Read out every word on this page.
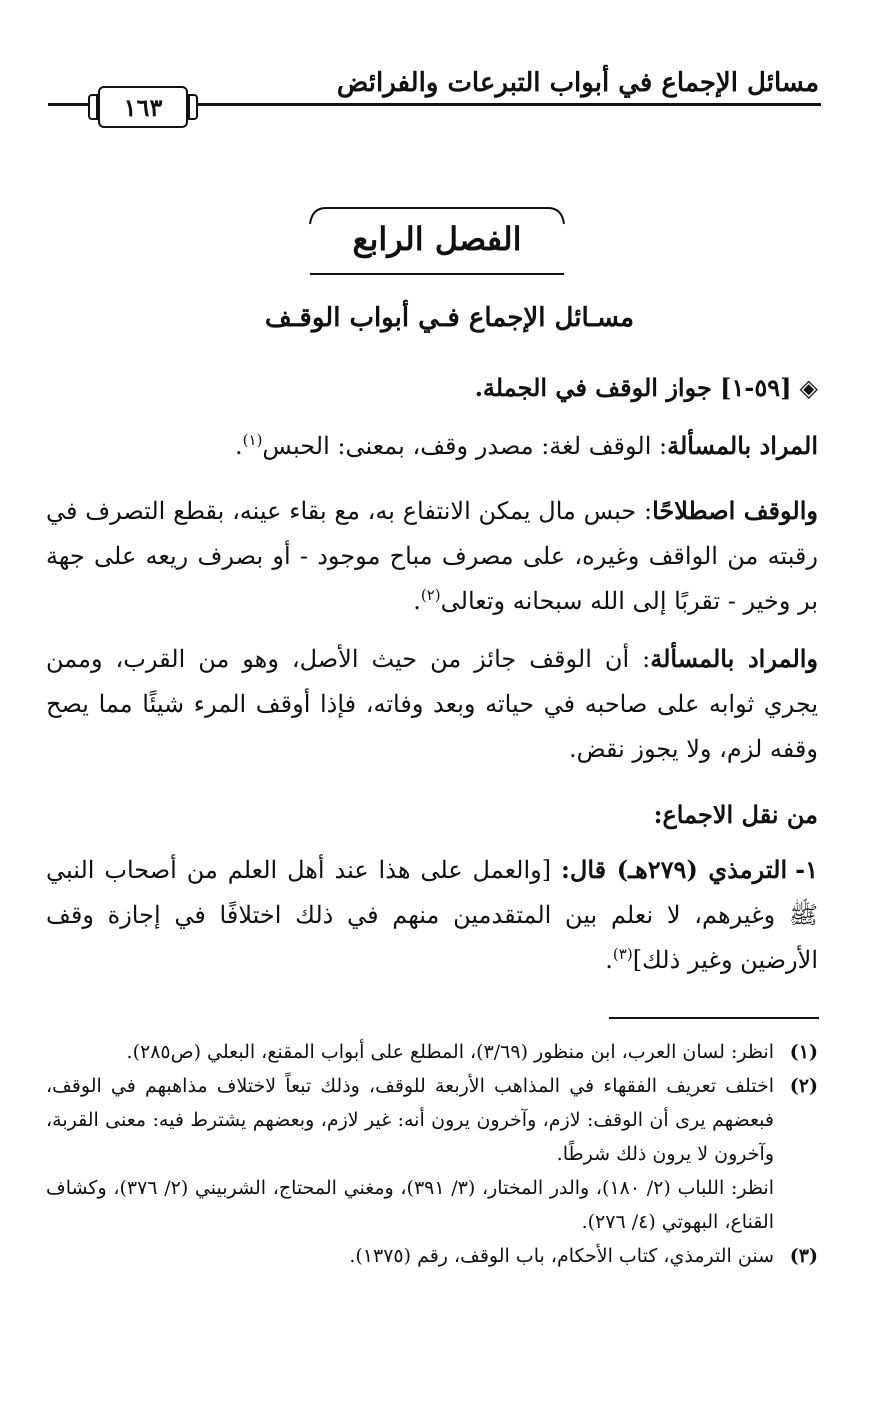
مسائل الإجماع في أبواب التبرعات والفرائض
١٦٣
الفصل الرابع
مسـائل الإجماع فـي أبواب الوقـف
◈[٥٩-١] جواز الوقف في الجملة.
المراد بالمسألة: الوقف لغة: مصدر وقف، بمعنى: الحبس$^{(١)}$.
والوقف اصطلاحًا: حبس مال يمكن الانتفاع به، مع بقاء عينه، بقطع التصرف في رقبته من الواقف وغيره، على مصرف مباح موجود - أو بصرف ريعه على جهة بر وخير - تقربًا إلى الله سبحانه وتعالى$^{(٢)}$.
والمراد بالمسألة: أن الوقف جائز من حيث الأصل، وهو من القرب، وممن يجري ثوابه على صاحبه في حياته وبعد وفاته، فإذا أوقف المرء شيئًا مما يصح وقفه لزم، ولا يجوز نقض.
من نقل الاجماع:
١-الترمذي (٢٧٩هـ) قال: [والعمل على هذا عند أهل العلم من أصحاب النبي ﷺ وغيرهم، لا نعلم بين المتقدمين منهم في ذلك اختلافًا في إجازة وقف الأرضين وغير ذلك]$^{(٣)}$.
(١)

انظر: لسان العرب، ابن منظور (٣/٦٩)، المطلع على أبواب المقنع، البعلي (ص٢٨٥).

(٢)

اختلف تعريف الفقهاء في المذاهب الأربعة للوقف، وذلك تبعاً لاختلاف مذاهبهم في الوقف، فبعضهم يرى أن الوقف: لازم، وآخرون يرون أنه: غير لازم، وبعضهم يشترط فيه: معنى القربة، وآخرون لا يرون ذلك شرطًا.

انظر: اللباب (٢/ ١٨٠)، والدر المختار، (٣/ ٣٩١)، ومغني المحتاج، الشربيني (٢/ ٣٧٦)، وكشاف القناع، البهوتي (٤/ ٢٧٦).

(٣)

سنن الترمذي، كتاب الأحكام، باب الوقف، رقم (١٣٧٥).
